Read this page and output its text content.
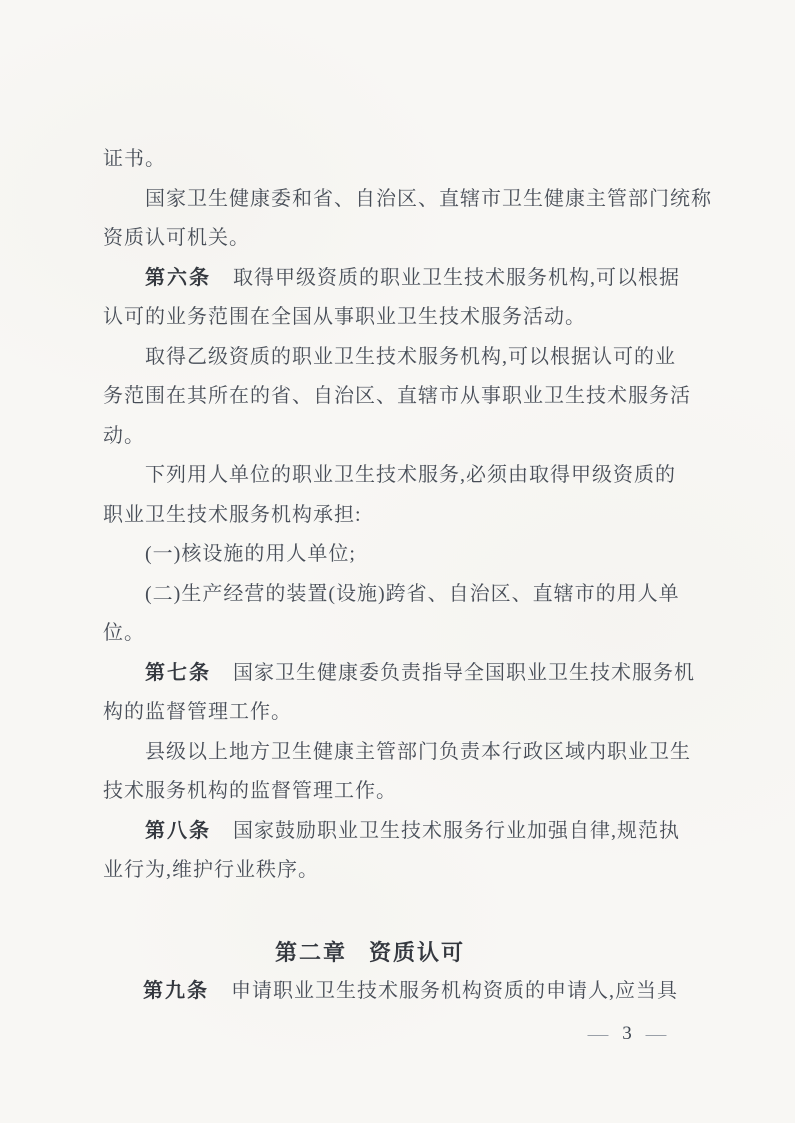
证书。
国家卫生健康委和省、自治区、直辖市卫生健康主管部门统称
资质认可机关。
第六条 取得甲级资质的职业卫生技术服务机构,可以根据
认可的业务范围在全国从事职业卫生技术服务活动。
取得乙级资质的职业卫生技术服务机构,可以根据认可的业
务范围在其所在的省、自治区、直辖市从事职业卫生技术服务活
动。
下列用人单位的职业卫生技术服务,必须由取得甲级资质的
职业卫生技术服务机构承担:
(一)核设施的用人单位;
(二)生产经营的装置(设施)跨省、自治区、直辖市的用人单
位。
第七条 国家卫生健康委负责指导全国职业卫生技术服务机
构的监督管理工作。
县级以上地方卫生健康主管部门负责本行政区域内职业卫生
技术服务机构的监督管理工作。
第八条 国家鼓励职业卫生技术服务行业加强自律,规范执
业行为,维护行业秩序。
第二章 资质认可
第九条 申请职业卫生技术服务机构资质的申请人,应当具
— 3 —
